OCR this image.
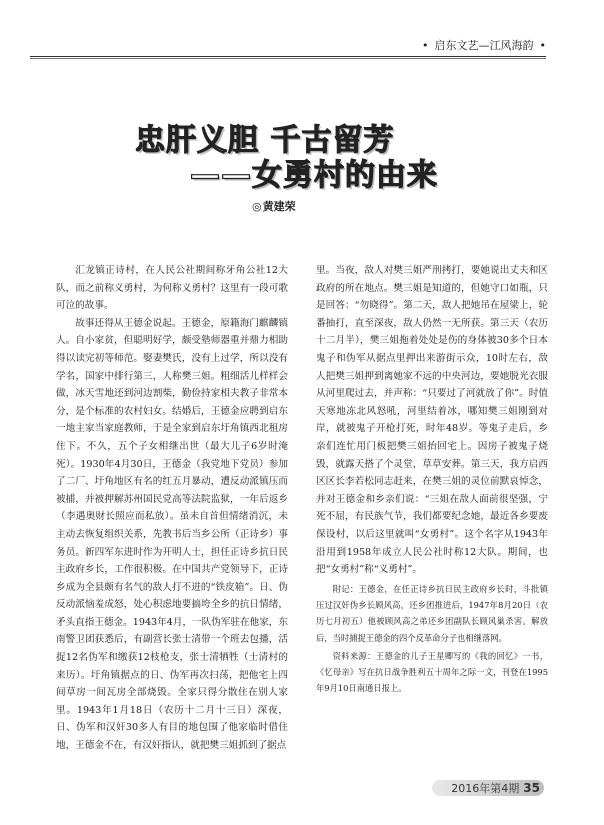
• 启东文艺—江风海韵 •
忠肝义胆 千古留芳
——女勇村的由来
◎黄建荣

汇龙镇正诗村，在人民公社期间称牙角公社12大队，而之前称义勇村，为何称义勇村？这里有一段可歌可泣的故事。

故事还得从王德金说起。王德金，原籍海门麒麟镇人。自小家贫，但聪明好学，颇受塾师器重并鼎力相助得以读完初等师范。娶妻樊氏，没有上过学，所以没有学名，国家中排行第三，人称樊三姐。粗细活儿样样会做，冰天雪地还到河边割柴，勤俭持家相夫教子非常本分，是个标准的农村妇女。结婚后，王德金应聘到启东一地主家当家庭教师，于是全家到启东圩角镇西北租房住下。不久，五个子女相继出世（最大儿子6岁时淹死）。1930年4月30日，王德金（我党地下党员）参加了二厂、圩角地区有名的红五月暴动，遭反动派镇压而被捕，并被押解苏州国民党高等法院监狱，一年后返乡（李遇奥财长照应而私放）。虽未自首但情绪消沉，未主动去恢复组织关系，先教书后当乡公所（正诗乡）事务员。新四军东进时作为开明人士，担任正诗乡抗日民主政府乡长，工作很积极。在中国共产党领导下，正诗乡成为全县颇有名气的敌人打不进的“铁皮箱”。日、伪反动派恼羞成怒，处心积虑地要搞垮全乡的抗日情绪，矛头直指王德金。1943年4月，一队伪军驻在他家，东南警卫团获悉后，有副营长张士清带一个班去包播，活捉12名伪军和缴获12枝枪支，张士清牺牲（士清村的来历）。圩角镇据点的日、伪军再次扫荡，把他宅上四间草房一间瓦房全部烧毁。全家只得分散住在别人家里。1943年1月18日（农历十二月十三日）深夜，日、伪军和汉奸30多人有目的地包围了他家临时借住地，王德金不在，有汉奸指认，就把樊三姐抓到了据点

里。当夜，敌人对樊三姐严刑拷打，要她说出丈夫和区政府的所在地点。樊三姐是知道的，但她守口如瓶，只是回答：“勿晓得”。第二天，敌人把她吊在屋梁上，轮番抽打，直至深夜，敌人仍然一无所获。第三天（农历十二月半），樊三姐拖着处处是伤的身体被30多个日本鬼子和伪军从据点里押出来游街示众，10时左右，敌人把樊三姐押到离她家不远的中央河边，要她脱光衣服从河里爬过去，并声称：“只要过了河就放了你”。时值天寒地冻北风怒吼，河里结着冰，哪知樊三姐刚到对岸，就被鬼子开枪打死，时年48岁。等鬼子走后，乡亲们连忙用门板把樊三姐抬回宅上。因房子被鬼子烧毁，就露天搭了个灵堂，草草安葬。第三天，我方启西区区长李若松同志赶来，在樊三姐的灵位前默哀悼念，并对王德金和乡亲们说：“三姐在敌人面前很坚强，宁死不屈，有民族气节，我们都要纪念她，最近各乡要废保设村，以后这里就叫“女勇村”。这个名字从1943年沿用到1958年成立人民公社时称12大队。期间，也把“女勇村”称“义勇村”。

附记：王德金，在任正诗乡抗日民主政府乡长时，斗批镇压过汉奸伪乡长顾风高，还乡团推进后，1947年8月20日（农历七月初五）他被顾风高之弟还乡团副队长顾风巢杀害。解放后，当时捕捉王德金的四个反革命分子也相继落网。

资料来源：王德金的儿子王星卿写的《我的回忆》一书，《忆母亲》写在抗日战争胜利五十周年之际一文，刊登在1995年9月10日南通日报上。

2016年第4期 35
